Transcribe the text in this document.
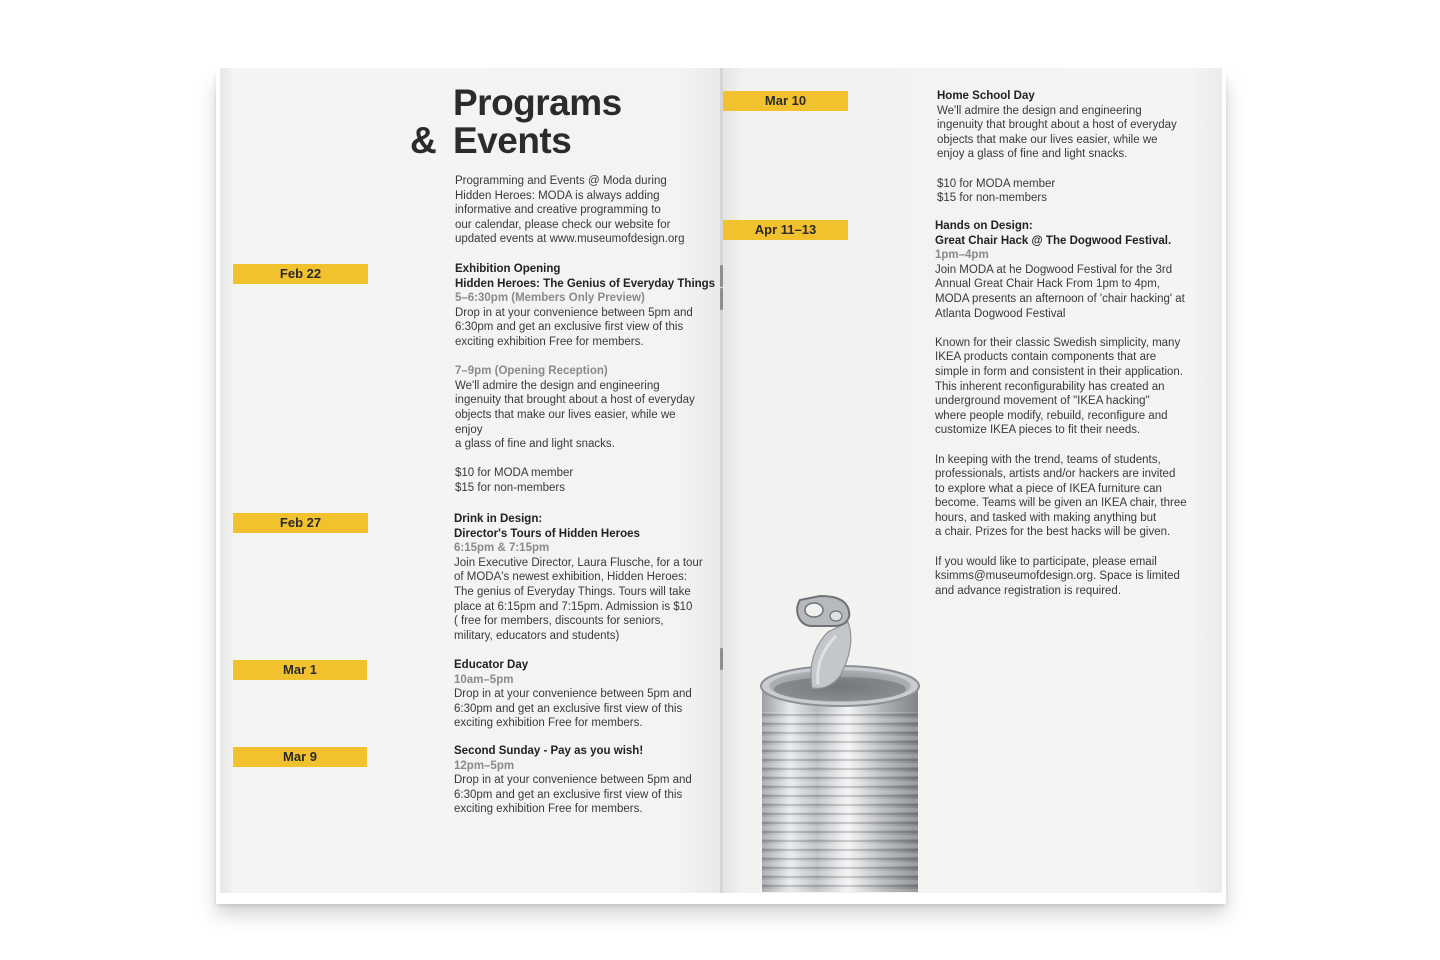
Programs
& Events

Programming and Events @ Moda during

Hidden Heroes: MODA is always adding

informative and creative programming to

our calendar, please check our website for

updated events at www.museumofdesign.org

Feb 22
Feb 27
Mar 1
Mar 9
Mar 10
Apr 11–13

Exhibition Opening

Hidden Heroes: The Genius of Everyday Things

5–6:30pm (Members Only Preview)

Drop in at your convenience between 5pm and

6:30pm and get an exclusive first view of this

exciting exhibition Free for members.

7–9pm (Opening Reception)

We'll admire the design and engineering

ingenuity that brought about a host of everyday

objects that make our lives easier, while we

enjoy

a glass of fine and light snacks.

$10 for MODA member

$15 for non-members

Drink in Design:

Director's Tours of Hidden Heroes

6:15pm & 7:15pm

Join Executive Director, Laura Flusche, for a tour

of MODA's newest exhibition, Hidden Heroes:

The genius of Everyday Things. Tours will take

place at 6:15pm and 7:15pm. Admission is $10

( free for members, discounts for seniors,

military, educators and students)

Educator Day

10am–5pm

Drop in at your convenience between 5pm and

6:30pm and get an exclusive first view of this

exciting exhibition Free for members.

Second Sunday - Pay as you wish!

12pm–5pm

Drop in at your convenience between 5pm and

6:30pm and get an exclusive first view of this

exciting exhibition Free for members.

Home School Day

We'll admire the design and engineering

ingenuity that brought about a host of everyday

objects that make our lives easier, while we

enjoy a glass of fine and light snacks.

$10 for MODA member

$15 for non-members

Hands on Design:

Great Chair Hack @ The Dogwood Festival.

1pm–4pm

Join MODA at he Dogwood Festival for the 3rd

Annual Great Chair Hack From 1pm to 4pm,

MODA presents an afternoon of 'chair hacking' at

Atlanta Dogwood Festival

Known for their classic Swedish simplicity, many

IKEA products contain components that are

simple in form and consistent in their application.

This inherent reconfigurability has created an

underground movement of "IKEA hacking"

where people modify, rebuild, reconfigure and

customize IKEA pieces to fit their needs.

In keeping with the trend, teams of students,

professionals, artists and/or hackers are invited

to explore what a piece of IKEA furniture can

become. Teams will be given an IKEA chair, three

hours, and tasked with making anything but

a chair. Prizes for the best hacks will be given.

If you would like to participate, please email

ksimms@museumofdesign.org. Space is limited

and advance registration is required.
